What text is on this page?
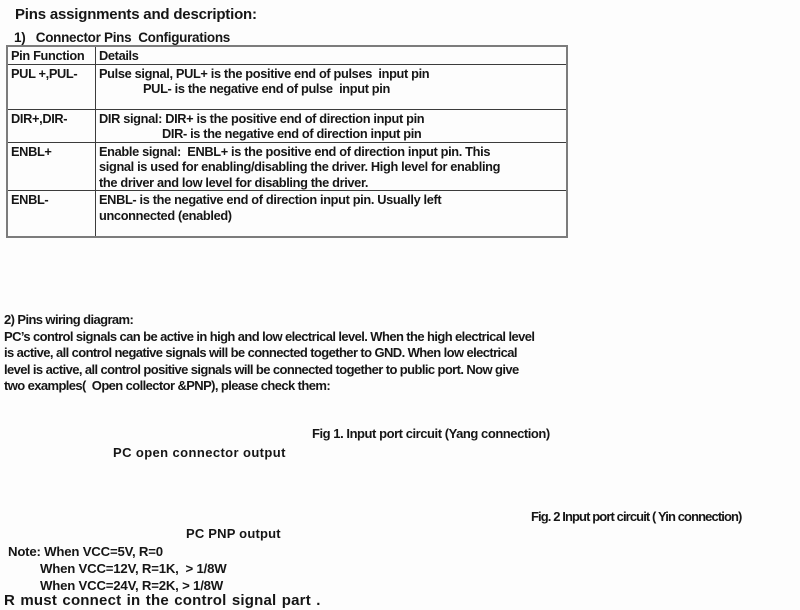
Pins assignments and description:
1)   Connector Pins  Configurations
Pin Function	Details
PUL +,PUL-	Pulse signal, PUL+ is the positive end of pulses  input pin
PUL- is the negative end of pulse  input pin

DIR+,DIR-	DIR signal: DIR+ is the positive end of direction input pin
DIR- is the negative end of direction input pin

ENBL+	Enable signal:  ENBL+ is the positive end of direction input pin. This
signal is used for enabling/disabling the driver. High level for enabling
the driver and low level for disabling the driver.

ENBL-	ENBL- is the negative end of direction input pin. Usually left
unconnected (enabled)
2) Pins wiring diagram:
PC’s control signals can be active in high and low electrical level. When the high electrical level
is active, all control negative signals will be connected together to GND. When low electrical
level is active, all control positive signals will be connected together to public port. Now give
two examples(  Open collector &PNP), please check them:
Fig 1. Input port circuit (Yang connection)
PC open connector output
Fig. 2 Input port circuit ( Yin connection)
PC PNP output
Note: When VCC=5V, R=0
When VCC=12V, R=1K,  > 1/8W
When VCC=24V, R=2K, > 1/8W
R must connect in the control signal part .
